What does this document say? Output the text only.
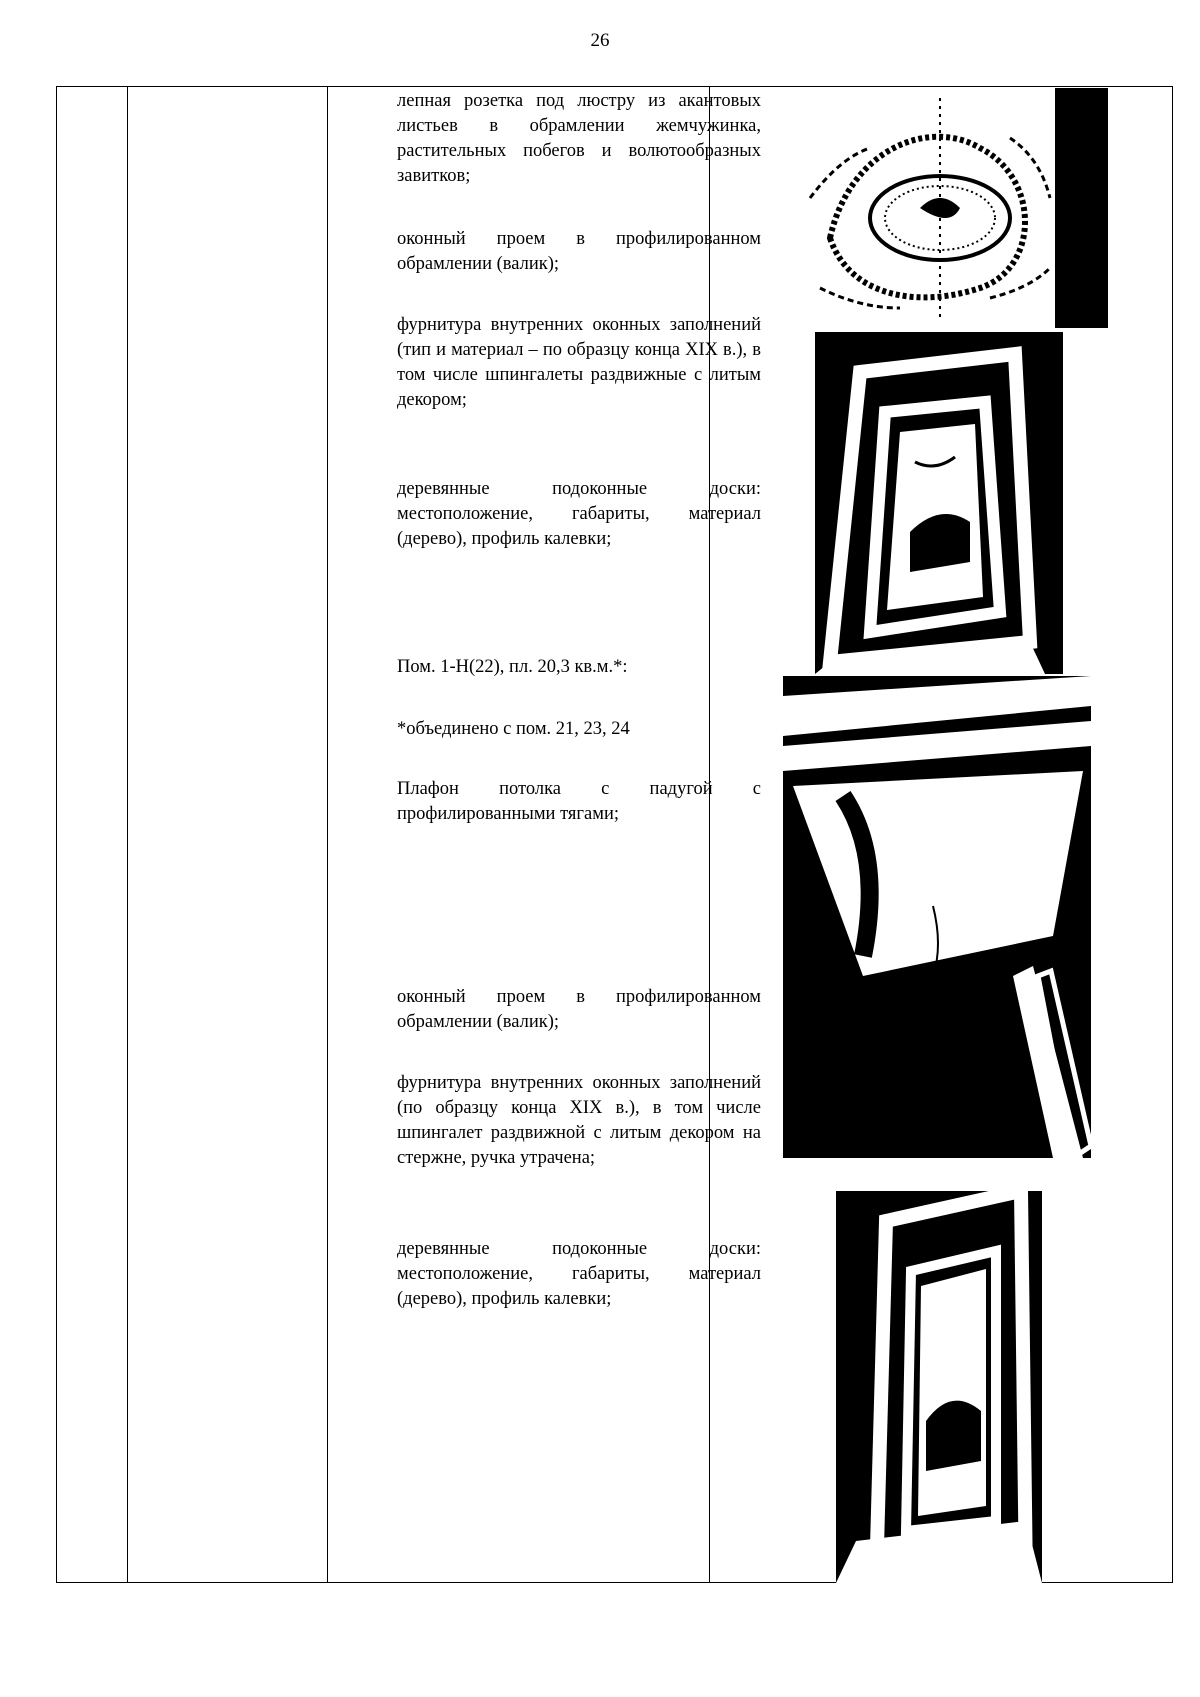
26
лепная розетка под люстру из акантовых листьев в обрамлении жемчужинка, растительных побегов и волютообразных завитков;
оконный проем в профилированном обрамлении (валик);
фурнитура внутренних оконных заполнений (тип и материал – по образцу конца XIX в.), в том числе шпингалеты раздвижные с литым декором;
деревянные подоконные доски: местоположение, габариты, материал (дерево), профиль калевки;
Пом. 1-Н(22), пл. 20,3 кв.м.*:
*объединено с пом. 21, 23, 24
Плафон потолка с падугой с профилированными тягами;
оконный проем в профилированном обрамлении (валик);
фурнитура внутренних оконных заполнений (по образцу конца XIX в.), в том числе шпингалет раздвижной с литым декором на стержне, ручка утрачена;
деревянные подоконные доски: местоположение, габариты, материал (дерево), профиль калевки;
